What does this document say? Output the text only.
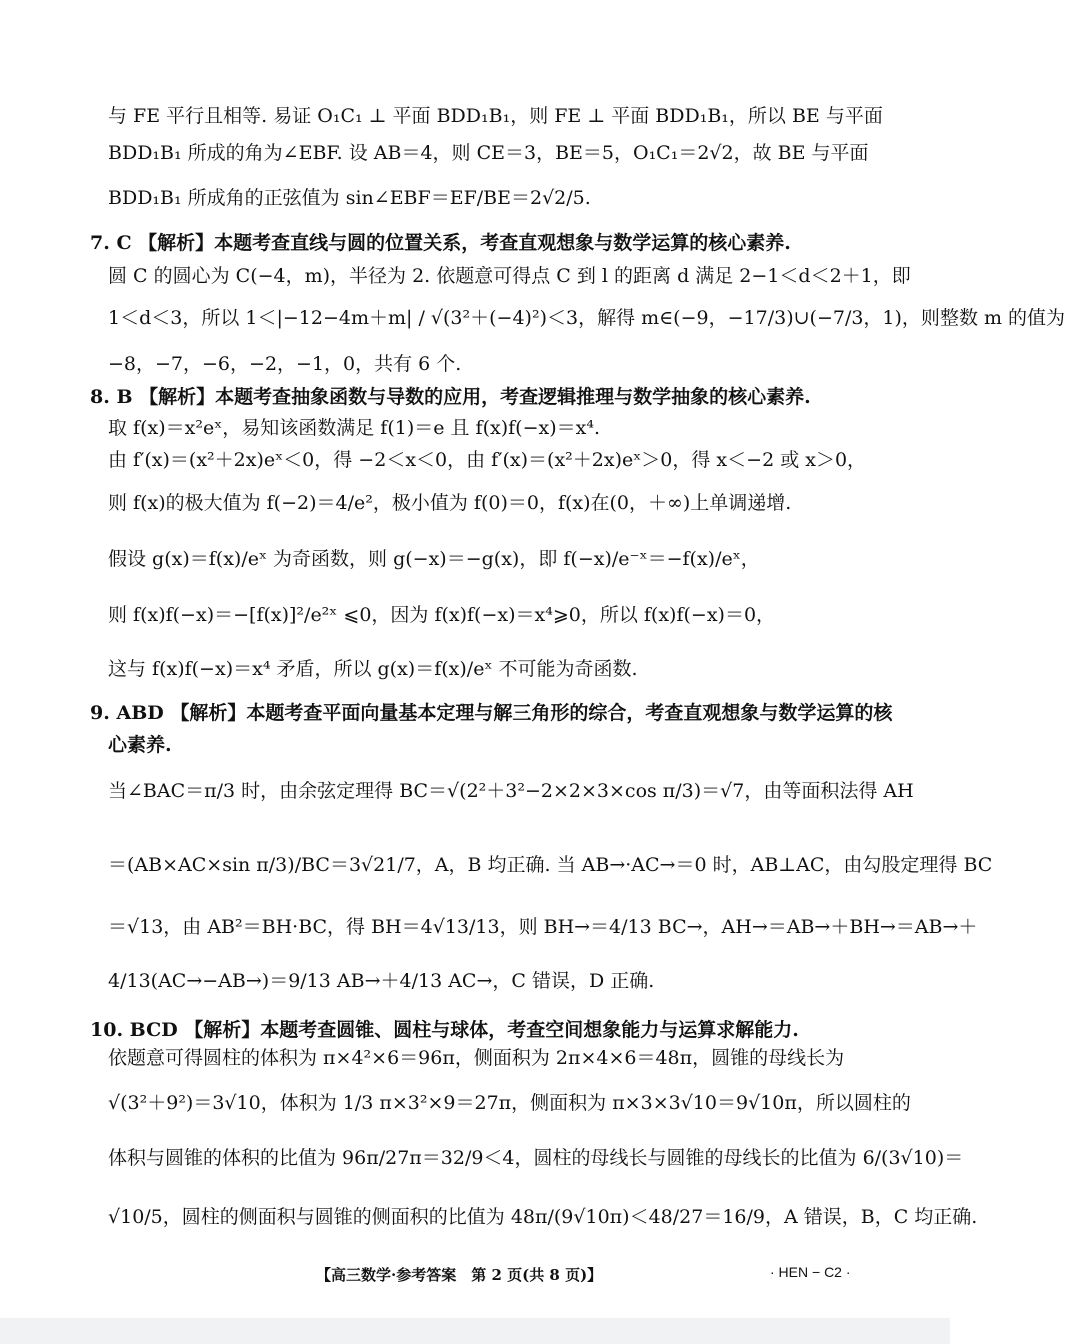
与 FE 平行且相等. 易证 O₁C₁ ⊥ 平面 BDD₁B₁，则 FE ⊥ 平面 BDD₁B₁，所以 BE 与平面
BDD₁B₁ 所成的角为∠EBF. 设 AB＝4，则 CE＝3，BE＝5，O₁C₁＝2√2，故 BE 与平面
BDD₁B₁ 所成角的正弦值为 sin∠EBF＝EF/BE＝2√2/5.
7. C 【解析】本题考查直线与圆的位置关系，考查直观想象与数学运算的核心素养.
圆 C 的圆心为 C(−4，m)，半径为 2. 依题意可得点 C 到 l 的距离 d 满足 2−1＜d＜2＋1，即
1＜d＜3，所以 1＜|−12−4m＋m| / √(3²＋(−4)²)＜3，解得 m∈(−9，−17/3)∪(−7/3，1)，则整数 m 的值为
−8，−7，−6，−2，−1，0，共有 6 个.
8. B 【解析】本题考查抽象函数与导数的应用，考查逻辑推理与数学抽象的核心素养.
取 f(x)＝x²eˣ，易知该函数满足 f(1)＝e 且 f(x)f(−x)＝x⁴.
由 f′(x)＝(x²＋2x)eˣ＜0，得 −2＜x＜0，由 f′(x)＝(x²＋2x)eˣ＞0，得 x＜−2 或 x＞0，
则 f(x)的极大值为 f(−2)＝4/e²，极小值为 f(0)＝0，f(x)在(0，＋∞)上单调递增.
假设 g(x)＝f(x)/eˣ 为奇函数，则 g(−x)＝−g(x)，即 f(−x)/e⁻ˣ＝−f(x)/eˣ，
则 f(x)f(−x)＝−[f(x)]²/e²ˣ ⩽0，因为 f(x)f(−x)＝x⁴⩾0，所以 f(x)f(−x)＝0，
这与 f(x)f(−x)＝x⁴ 矛盾，所以 g(x)＝f(x)/eˣ 不可能为奇函数.
9. ABD 【解析】本题考查平面向量基本定理与解三角形的综合，考查直观想象与数学运算的核
心素养.
当∠BAC＝π/3 时，由余弦定理得 BC＝√(2²＋3²−2×2×3×cos π/3)＝√7，由等面积法得 AH
＝(AB×AC×sin π/3)/BC＝3√21/7，A，B 均正确. 当 AB→·AC→＝0 时，AB⊥AC，由勾股定理得 BC
＝√13，由 AB²＝BH·BC，得 BH＝4√13/13，则 BH→＝4/13 BC→，AH→＝AB→＋BH→＝AB→＋
4/13(AC→−AB→)＝9/13 AB→＋4/13 AC→，C 错误，D 正确.
10. BCD 【解析】本题考查圆锥、圆柱与球体，考查空间想象能力与运算求解能力.
依题意可得圆柱的体积为 π×4²×6＝96π，侧面积为 2π×4×6＝48π，圆锥的母线长为
√(3²＋9²)＝3√10，体积为 1/3 π×3²×9＝27π，侧面积为 π×3×3√10＝9√10π，所以圆柱的
体积与圆锥的体积的比值为 96π/27π＝32/9＜4，圆柱的母线长与圆锥的母线长的比值为 6/(3√10)＝
√10/5，圆柱的侧面积与圆锥的侧面积的比值为 48π/(9√10π)＜48/27＝16/9，A 错误，B，C 均正确.
【高三数学·参考答案　第 2 页(共 8 页)】	· HEN − C2 ·
